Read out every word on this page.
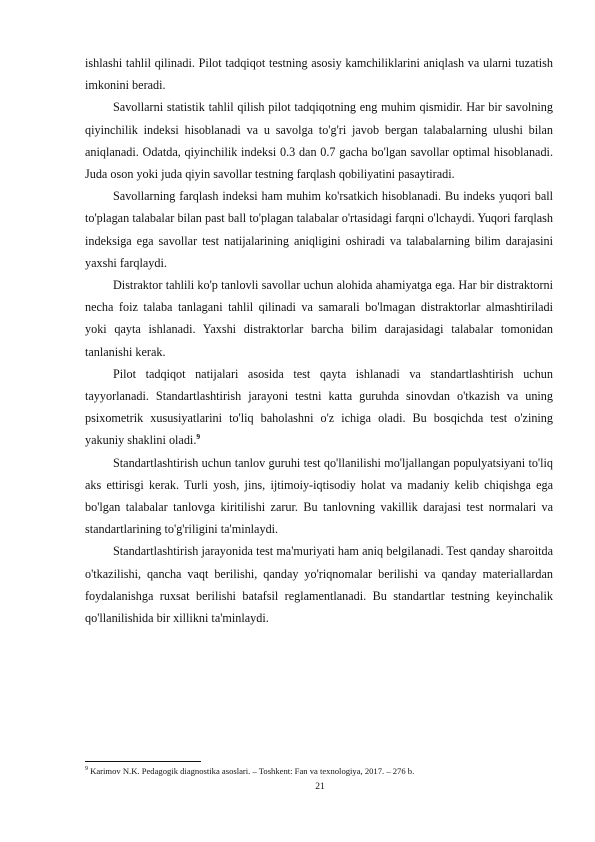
ishlashi tahlil qilinadi. Pilot tadqiqot testning asosiy kamchiliklarini aniqlash va ularni tuzatish imkonini beradi.

Savollarni statistik tahlil qilish pilot tadqiqotning eng muhim qismidir. Har bir savolning qiyinchilik indeksi hisoblanadi va u savolga to'g'ri javob bergan talabalarning ulushi bilan aniqlanadi. Odatda, qiyinchilik indeksi 0.3 dan 0.7 gacha bo'lgan savollar optimal hisoblanadi. Juda oson yoki juda qiyin savollar testning farqlash qobiliyatini pasaytiradi.

Savollarning farqlash indeksi ham muhim ko'rsatkich hisoblanadi. Bu indeks yuqori ball to'plagan talabalar bilan past ball to'plagan talabalar o'rtasidagi farqni o'lchaydi. Yuqori farqlash indeksiga ega savollar test natijalarining aniqligini oshiradi va talabalarning bilim darajasini yaxshi farqlaydi.

Distraktor tahlili ko'p tanlovli savollar uchun alohida ahamiyatga ega. Har bir distraktorni necha foiz talaba tanlagani tahlil qilinadi va samarali bo'lmagan distraktorlar almashtiriladi yoki qayta ishlanadi. Yaxshi distraktorlar barcha bilim darajasidagi talabalar tomonidan tanlanishi kerak.

Pilot tadqiqot natijalari asosida test qayta ishlanadi va standartlashtirish uchun tayyorlanadi. Standartlashtirish jarayoni testni katta guruhda sinovdan o'tkazish va uning psixometrik xususiyatlarini to'liq baholashni o'z ichiga oladi. Bu bosqichda test o'zining yakuniy shaklini oladi.$^9$

Standartlashtirish uchun tanlov guruhi test qo'llanilishi mo'ljallangan populyatsiyani to'liq aks ettirisgi kerak. Turli yosh, jins, ijtimoiy-iqtisodiy holat va madaniy kelib chiqishga ega bo'lgan talabalar tanlovga kiritilishi zarur. Bu tanlovning vakillik darajasi test normalari va standartlarining to'g'riligini ta'minlaydi.

Standartlashtirish jarayonida test ma'muriyati ham aniq belgilanadi. Test qanday sharoitda o'tkazilishi, qancha vaqt berilishi, qanday yo'riqnomalar berilishi va qanday materiallardan foydalanishga ruxsat berilishi batafsil reglamentlanadi. Bu standartlar testning keyinchalik qo'llanilishida bir xillikni ta'minlaydi.

$^9$ Karimov N.K. Pedagogik diagnostika asoslari. – Toshkent: Fan va texnologiya, 2017. – 276 b.
21
